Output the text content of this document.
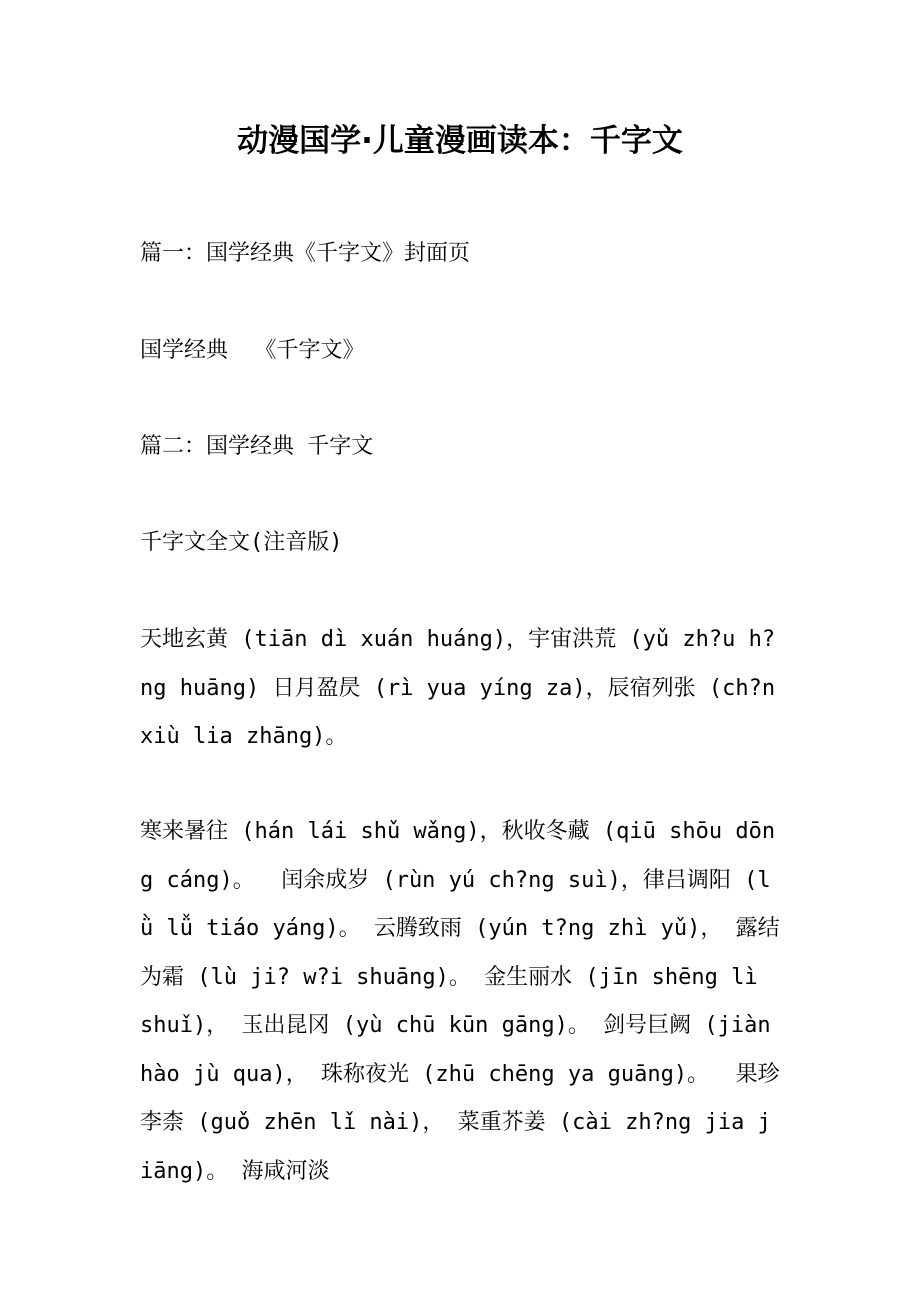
动漫国学·儿童漫画读本：千字文

篇一：国学经典《千字文》封面页

国学经典  《千字文》

篇二：国学经典 千字文

千字文全文(注音版)

天地玄黄 (tiān dì xuán huáng)，宇宙洪荒 (yǔ zh?u h?ng huāng) 日月盈昃 (rì yua yíng za)，辰宿列张 (ch?n xiù lia zhāng)。

寒来暑往 (hán lái shǔ wǎng)，秋收冬藏 (qiū shōu dōng cáng)。  闰余成岁 (rùn yú ch?ng suì)，律吕调阳 (lǜ lǚ tiáo yáng)。 云腾致雨 (yún t?ng zhì yǔ)， 露结为霜 (lù ji? w?i shuāng)。 金生丽水 (jīn shēng lì shuǐ)， 玉出昆冈 (yù chū kūn gāng)。 剑号巨阙 (jiàn hào jù qua)， 珠称夜光 (zhū chēng ya guāng)。  果珍李柰 (guǒ zhēn lǐ nài)， 菜重芥姜 (cài zh?ng jia jiāng)。 海咸河淡
